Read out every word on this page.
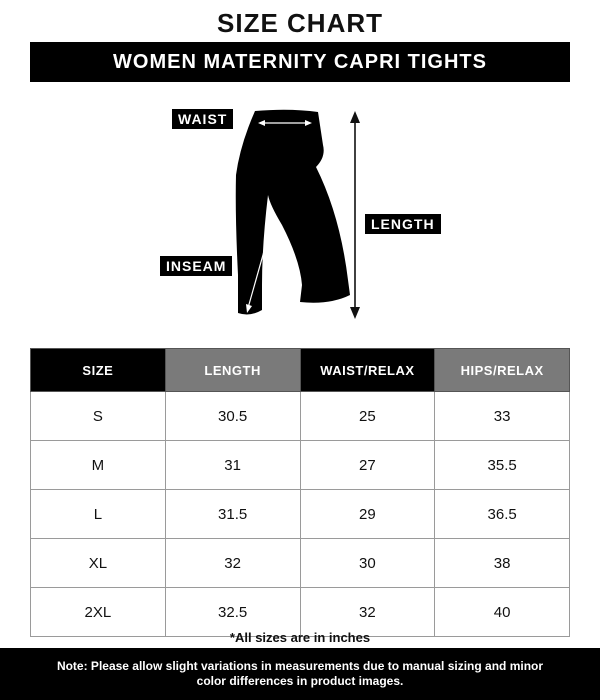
SIZE CHART
WOMEN MATERNITY CAPRI TIGHTS
WAIST
LENGTH
INSEAM
SIZE	LENGTH	WAIST/RELAX	HIPS/RELAX
S	30.5	25	33
M	31	27	35.5
L	31.5	29	36.5
XL	32	30	38
2XL	32.5	32	40
*All sizes are in inches
Note: Please allow slight variations in measurements due to manual sizing and minor color differences in product images.
